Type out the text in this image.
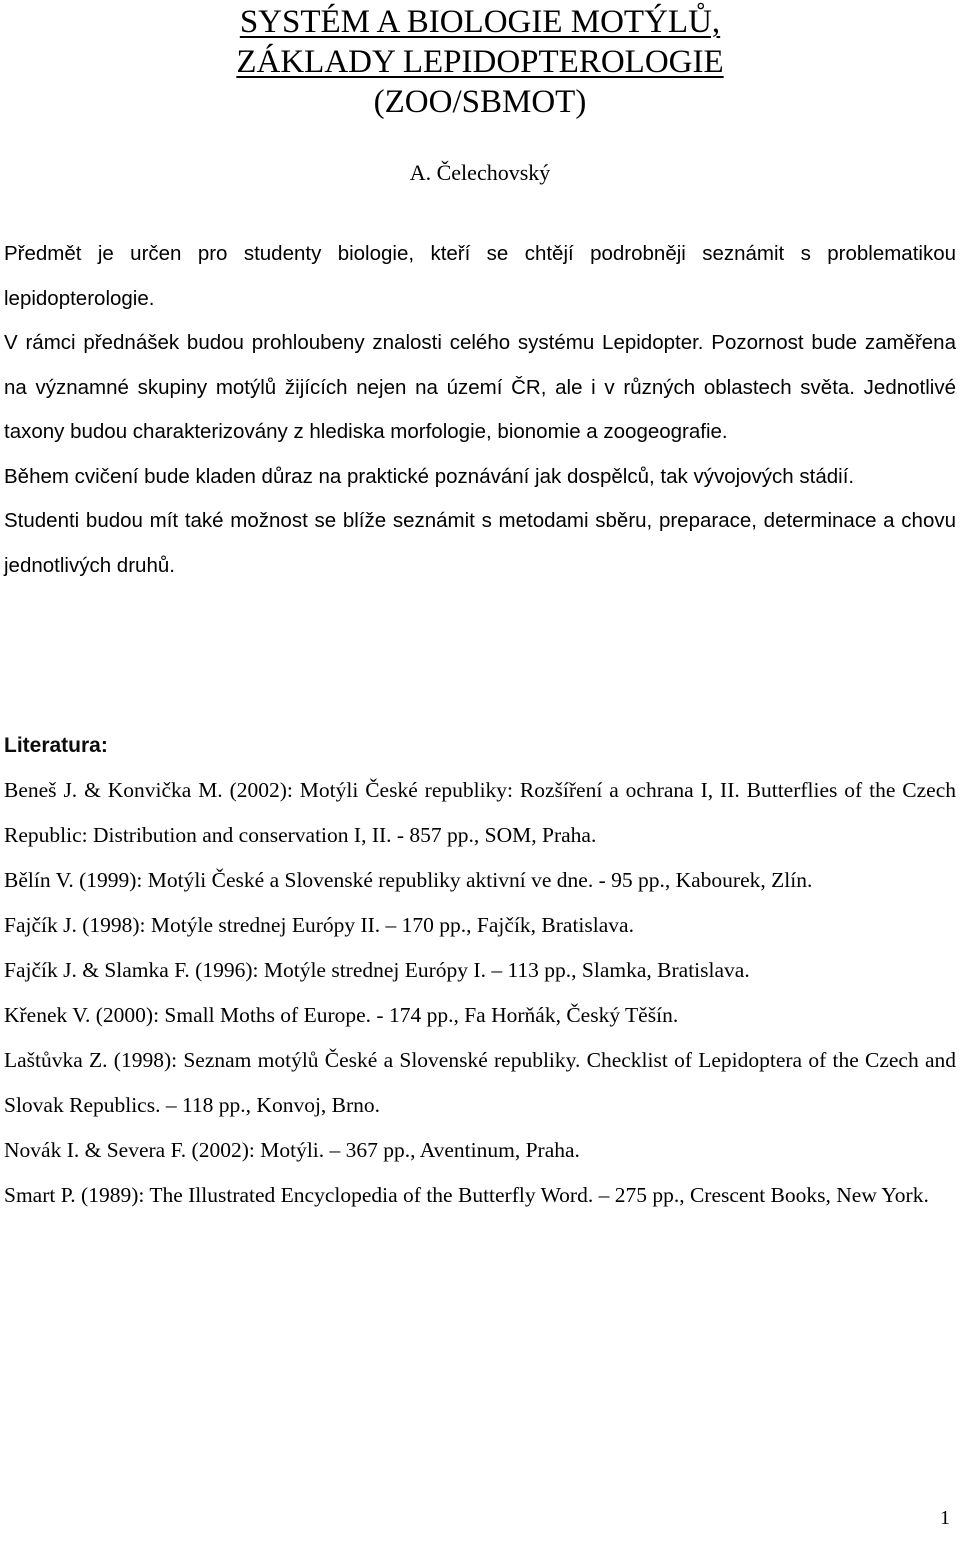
SYSTÉM A BIOLOGIE MOTÝLŮ,
ZÁKLADY LEPIDOPTEROLOGIE
(ZOO/SBMOT)
A. Čelechovský

Předmět je určen pro studenty biologie, kteří se chtějí podrobněji seznámit s problematikou lepidopterologie.

V rámci přednášek budou prohloubeny znalosti celého systému Lepidopter. Pozornost bude zaměřena na významné skupiny motýlů žijících nejen na území ČR, ale i v různých oblastech světa. Jednotlivé taxony budou charakterizovány z hlediska morfologie, bionomie a zoogeografie.

Během cvičení bude kladen důraz na praktické poznávání jak dospělců, tak vývojových stádií.

Studenti budou mít také možnost se blíže seznámit s metodami sběru, preparace, determinace a chovu jednotlivých druhů.

Literatura:

Beneš J. & Konvička M. (2002): Motýli České republiky: Rozšíření a ochrana I, II. Butterflies of the Czech Republic: Distribution and conservation I, II. - 857 pp., SOM, Praha.

Bělín V. (1999): Motýli České a Slovenské republiky aktivní ve dne. - 95 pp., Kabourek, Zlín.

Fajčík J. (1998): Motýle strednej Európy II. – 170 pp., Fajčík, Bratislava.

Fajčík J. & Slamka F. (1996): Motýle strednej Európy I. – 113 pp., Slamka, Bratislava.

Křenek V. (2000): Small Moths of Europe. - 174 pp., Fa Horňák, Český Těšín.

Laštůvka Z. (1998): Seznam motýlů České a Slovenské republiky. Checklist of Lepidoptera of the Czech and Slovak Republics. – 118 pp., Konvoj, Brno.

Novák I. & Severa F. (2002): Motýli. – 367 pp., Aventinum, Praha.

Smart P. (1989): The Illustrated Encyclopedia of the Butterfly Word. – 275 pp., Crescent Books, New York.

1
